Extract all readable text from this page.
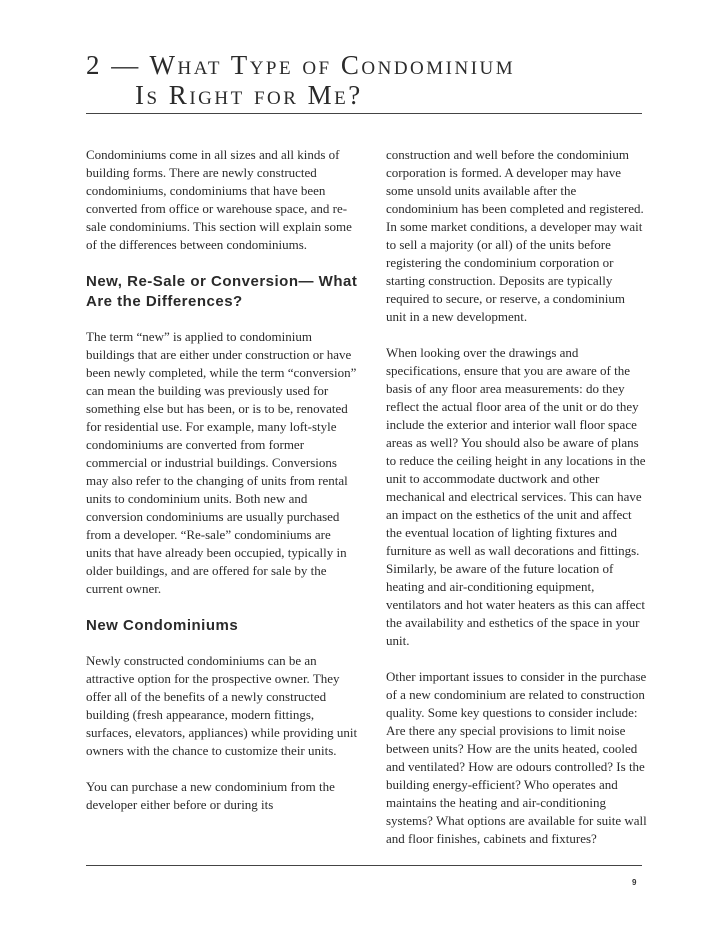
2 — What Type of Condominium
Is Right for Me?

Condominiums come in all sizes and all kinds of building forms. There are newly constructed condominiums, condominiums that have been converted from office or warehouse space, and re-sale condominiums. This section will explain some of the differences between condominiums.

New, Re-Sale or Conversion— What Are the Differences?

The term “new” is applied to condominium buildings that are either under construction or have been newly completed, while the term “conversion” can mean the building was previously used for something else but has been, or is to be, renovated for residential use. For example, many loft-style condominiums are converted from former commercial or industrial buildings. Conversions may also refer to the changing of units from rental units to condominium units. Both new and conversion condominiums are usually purchased from a developer. “Re-sale” condominiums are units that have already been occupied, typically in older buildings, and are offered for sale by the current owner.

New Condominiums

Newly constructed condominiums can be an attractive option for the prospective owner. They offer all of the benefits of a newly constructed building (fresh appearance, modern fittings, surfaces, elevators, appliances) while providing unit owners with the chance to customize their units.

You can purchase a new condominium from the developer either before or during its

construction and well before the condominium corporation is formed. A developer may have some unsold units available after the condominium has been completed and registered. In some market conditions, a developer may wait to sell a majority (or all) of the units before registering the condominium corporation or starting construction. Deposits are typically required to secure, or reserve, a condominium unit in a new development.

When looking over the drawings and specifications, ensure that you are aware of the basis of any floor area measurements: do they reflect the actual floor area of the unit or do they include the exterior and interior wall floor space areas as well? You should also be aware of plans to reduce the ceiling height in any locations in the unit to accommodate ductwork and other mechanical and electrical services. This can have an impact on the esthetics of the unit and affect the eventual location of lighting fixtures and furniture as well as wall decorations and fittings. Similarly, be aware of the future location of heating and air-conditioning equipment, ventilators and hot water heaters as this can affect the availability and esthetics of the space in your unit.

Other important issues to consider in the purchase of a new condominium are related to construction quality. Some key questions to consider include: Are there any special provisions to limit noise between units? How are the units heated, cooled and ventilated? How are odours controlled? Is the building energy-efficient? Who operates and maintains the heating and air-conditioning systems? What options are available for suite wall and floor finishes, cabinets and fixtures?

9
